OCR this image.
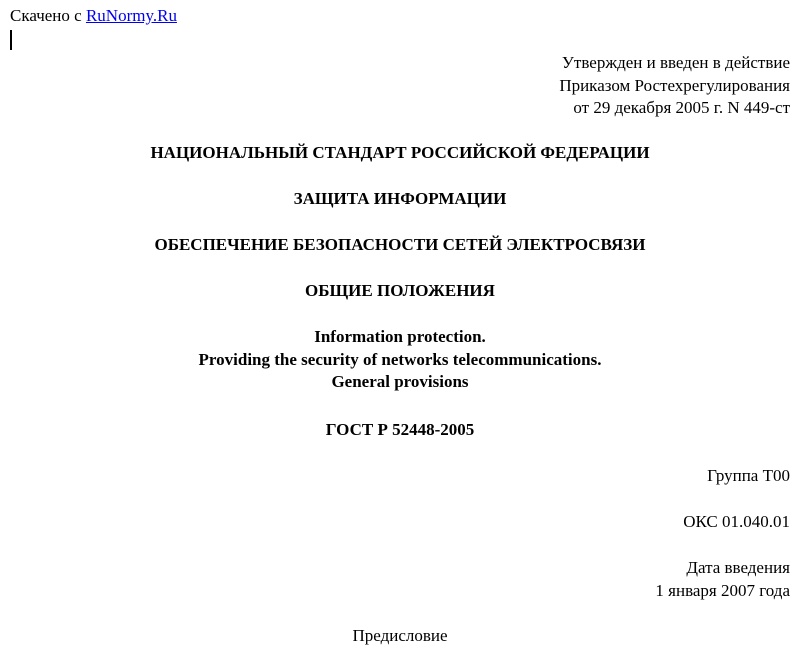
Скачено с RuNormy.Ru
Утвержден и введен в действие
Приказом Ростехрегулирования
от 29 декабря 2005 г. N 449-ст
НАЦИОНАЛЬНЫЙ СТАНДАРТ РОССИЙСКОЙ ФЕДЕРАЦИИ
ЗАЩИТА ИНФОРМАЦИИ
ОБЕСПЕЧЕНИЕ БЕЗОПАСНОСТИ СЕТЕЙ ЭЛЕКТРОСВЯЗИ
ОБЩИЕ ПОЛОЖЕНИЯ
Information protection.
Providing the security of networks telecommunications.
General provisions
ГОСТ Р 52448-2005
Группа Т00
ОКС 01.040.01
Дата введения
1 января 2007 года
Предисловие
